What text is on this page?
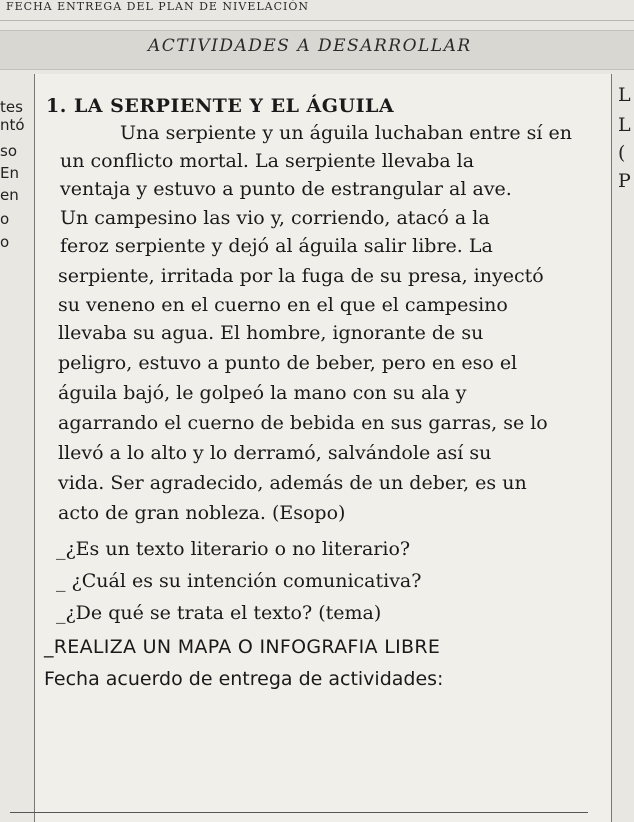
FECHA ENTREGA DEL PLAN DE NIVELACIÓN
ACTIVIDADES A DESARROLLAR
tes
ntó
so
En
en
o
o
L
L
(
P
1. LA SERPIENTE Y EL ÁGUILA
Una serpiente y un águila luchaban entre sí en
un conflicto mortal. La serpiente llevaba la
ventaja y estuvo a punto de estrangular al ave.
Un campesino las vio y, corriendo, atacó a la
feroz serpiente y dejó al águila salir libre. La
serpiente, irritada por la fuga de su presa, inyectó
su veneno en el cuerno en el que el campesino
llevaba su agua. El hombre, ignorante de su
peligro, estuvo a punto de beber, pero en eso el
águila bajó, le golpeó la mano con su ala y
agarrando el cuerno de bebida en sus garras, se lo
llevó a lo alto y lo derramó, salvándole así su
vida. Ser agradecido, además de un deber, es un
acto de gran nobleza. (Esopo)
_¿Es un texto literario o no literario?
_ ¿Cuál es su intención comunicativa?
_¿De qué se trata el texto? (tema)
_REALIZA UN MAPA O INFOGRAFIA LIBRE
Fecha acuerdo de entrega de actividades:
